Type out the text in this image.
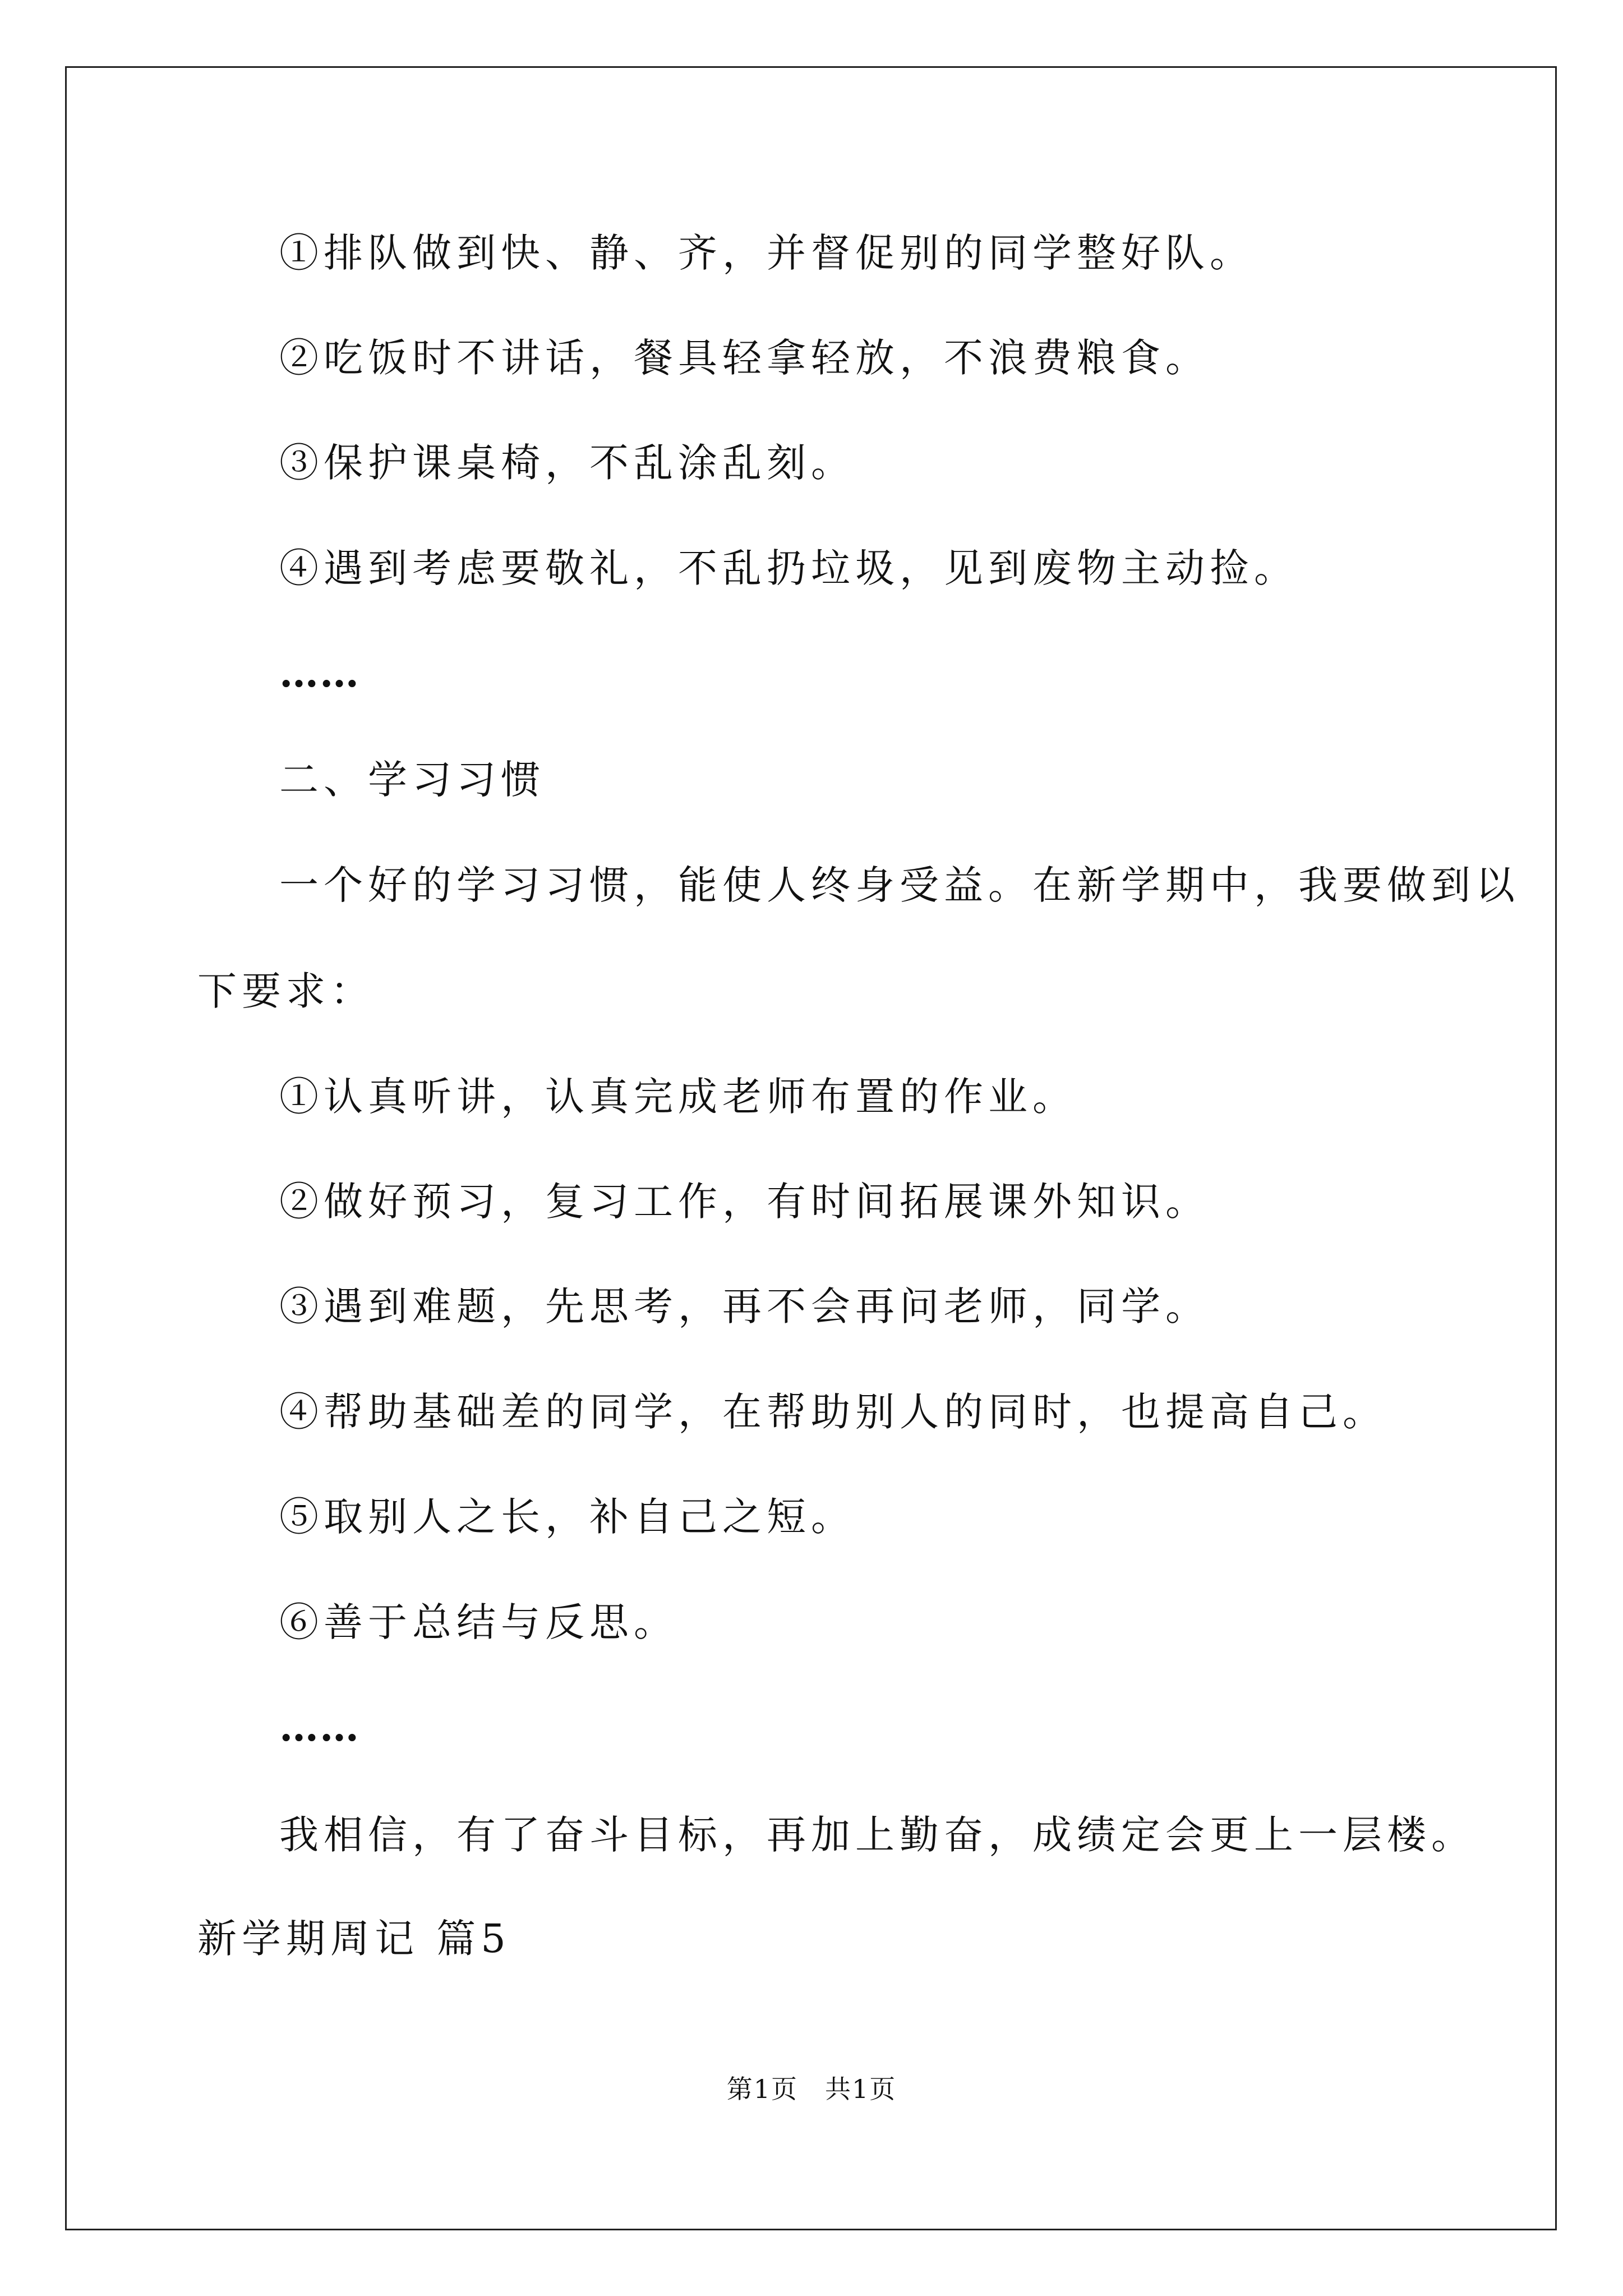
①排队做到快、静、齐，并督促别的同学整好队。
②吃饭时不讲话，餐具轻拿轻放，不浪费粮食。
③保护课桌椅，不乱涂乱刻。
④遇到考虑要敬礼，不乱扔垃圾，见到废物主动捡。
……
二、学习习惯
一个好的学习习惯，能使人终身受益。在新学期中，我要做到以
下要求：
①认真听讲，认真完成老师布置的作业。
②做好预习，复习工作，有时间拓展课外知识。
③遇到难题，先思考，再不会再问老师，同学。
④帮助基础差的同学，在帮助别人的同时，也提高自己。
⑤取别人之长，补自己之短。
⑥善于总结与反思。
……
我相信，有了奋斗目标，再加上勤奋，成绩定会更上一层楼。
新学期周记 篇5
第1页　共1页
